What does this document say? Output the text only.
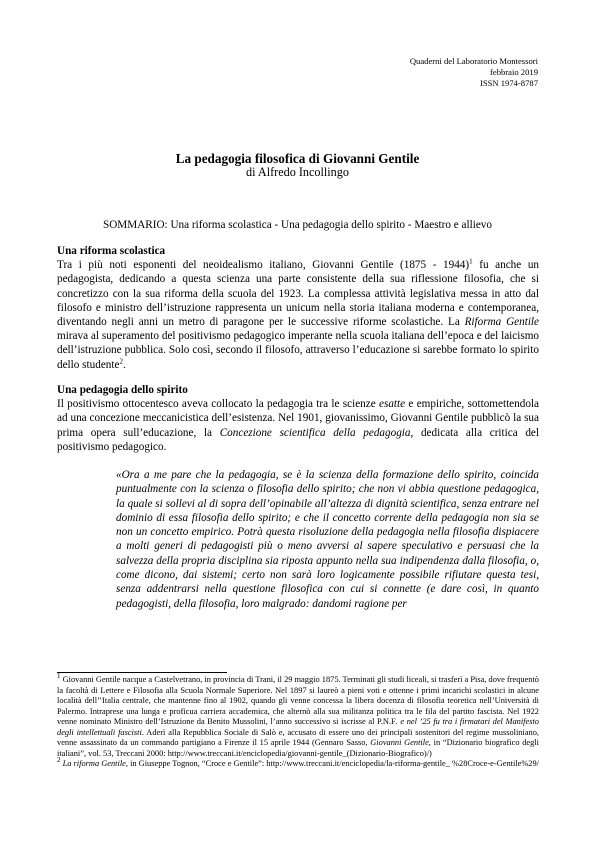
Quaderni del Laboratorio Montessori
febbraio 2019
ISSN 1974-8787
La pedagogia filosofica di Giovanni Gentile
di Alfredo Incollingo
SOMMARIO: Una riforma scolastica - Una pedagogia dello spirito - Maestro e allievo

Una riforma scolastica

Tra i più noti esponenti del neoidealismo italiano, Giovanni Gentile (1875 - 1944)$^1$ fu anche un pedagogista, dedicando a questa scienza una parte consistente della sua riflessione filosofia, che si concretizzo con la sua riforma della scuola del 1923. La complessa attività legislativa messa in atto dal filosofo e ministro dell’istruzione rappresenta un unicum nella storia italiana moderna e contemporanea, diventando negli anni un metro di paragone per le successive riforme scolastiche. La Riforma Gentile mirava al superamento del positivismo pedagogico imperante nella scuola italiana dell’epoca e del laicismo dell’istruzione pubblica. Solo così, secondo il filosofo, attraverso l’educazione si sarebbe formato lo spirito dello studente$^2$.

Una pedagogia dello spirito

Il positivismo ottocentesco aveva collocato la pedagogia tra le scienze esatte e empiriche, sottomettendola ad una concezione meccanicistica dell’esistenza. Nel 1901, giovanissimo, Giovanni Gentile pubblicò la sua prima opera sull’educazione, la Concezione scientifica della pedagogia, dedicata alla critica del positivismo pedagogico.

«Ora a me pare che la pedagogia, se è la scienza della formazione dello spirito, coincida puntualmente con la scienza o filosofia dello spirito; che non vi abbia questione pedagogica, la quale si sollevi al di sopra dell’opinabile all’altezza di dignità scientifica, senza entrare nel dominio di essa filosofia dello spirito; e che il concetto corrente della pedagogia non sia se non un concetto empirico. Potrà questa risoluzione della pedagogia nella filosofia dispiacere a molti generi di pedagogisti più o meno avversi al sapere speculativo e persuasi che la salvezza della propria disciplina sia riposta appunto nella sua indipendenza dalla filosofia, o, come dicono, dai sistemi; certo non sarà loro logicamente possibile rifiutare questa tesi, senza addentrarsi nella questione filosofica con cui si connette (e dare così, in quanto pedagogisti, della filosofia, loro malgrado: dandomi ragione per

$^1$ Giovanni Gentile nacque a Castelvetrano, in provincia di Trani, il 29 maggio 1875. Terminati gli studi liceali, si trasferì a Pisa, dove frequentò la facoltà di Lettere e Filosofia alla Scuola Normale Superiore. Nel 1897 si laureò a pieni voti e ottenne i primi incarichi scolastici in alcune località dell’’Italia centrale, che mantenne fino al 1902, quando gli venne concessa la libera docenza di filosofia teoretica nell’Università di Palermo. Intraprese una lunga e proficua carriera accademica, che alternò alla sua militanza politica tra le fila del partito fascista. Nel 1922 venne nominato Ministro dell’Istruzione da Benito Mussolini, l’anno successivo si iscrisse al P.N.F. e nel ’25 fu tra i firmatari del Manifesto degli intellettuali fascisti. Aderì alla Repubblica Sociale di Salò e, accusato di essere uno dei principali sostenitori del regime mussoliniano, venne assassinato da un commando partigiano a Firenze il 15 aprile 1944 (Gennaro Sasso, Giovanni Gentile, in “Dizionario biografico degli italiani”, vol. 53, Treccani 2000: http://www.treccani.it/enciclopedia/giovanni-gentile_(Dizionario-Biografico)/)

$^2$ La riforma Gentile, in Giuseppe Tognon, “Croce e Gentile”: http://www.treccani.it/enciclopedia/la-riforma-gentile_ %28Croce-e-Gentile%29/
